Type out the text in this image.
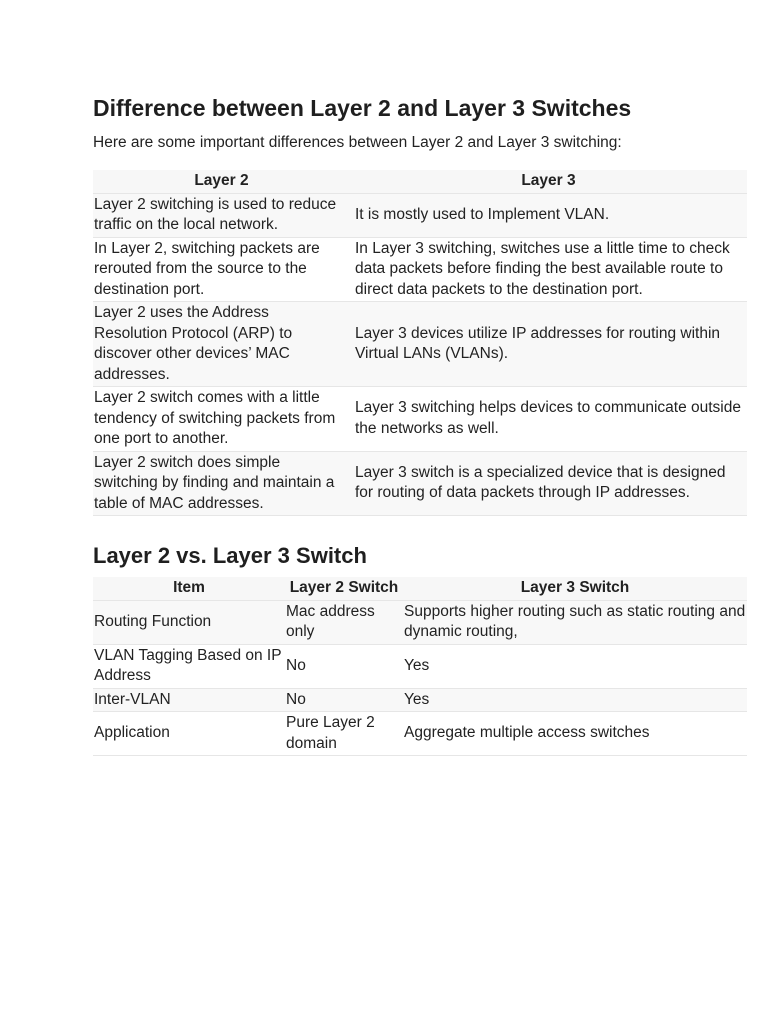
Difference between Layer 2 and Layer 3 Switches

Here are some important differences between Layer 2 and Layer 3 switching:

Layer 2	Layer 3
Layer 2 switching is used to reduce traffic on the local network.	It is mostly used to Implement VLAN.
In Layer 2, switching packets are rerouted from the source to the destination port.	In Layer 3 switching, switches use a little time to check data packets before finding the best available route to direct data packets to the destination port.
Layer 2 uses the Address Resolution Protocol (ARP) to discover other devices’ MAC addresses.	Layer 3 devices utilize IP addresses for routing within Virtual LANs (VLANs).
Layer 2 switch comes with a little tendency of switching packets from one port to another.	Layer 3 switching helps devices to communicate outside the networks as well.
Layer 2 switch does simple switching by finding and maintain a table of MAC addresses.	Layer 3 switch is a specialized device that is designed for routing of data packets through IP addresses.
Layer 2 vs. Layer 3 Switch
Item	Layer 2 Switch	Layer 3 Switch
Routing Function	Mac address only	Supports higher routing such as static routing and dynamic routing,
VLAN Tagging Based on IP Address	No	Yes
Inter-VLAN	No	Yes
Application	Pure Layer 2 domain	Aggregate multiple access switches
